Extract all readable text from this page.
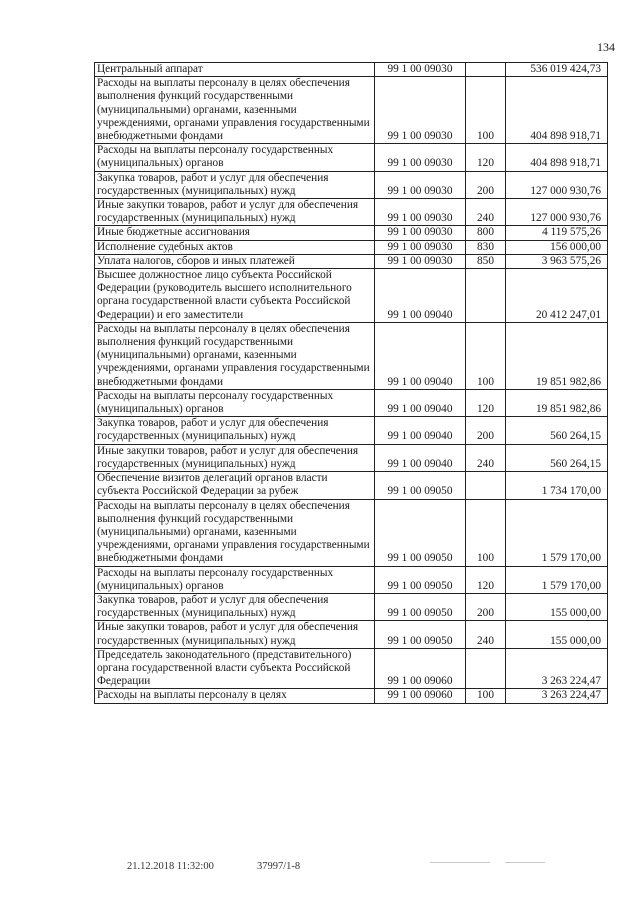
134
Центральный аппарат	99 1 00 09030		536 019 424,73
Расходы на выплаты персоналу в целях обеспечения выполнения функций государственными (муниципальными) органами, казенными учреждениями, органами управления государственными внебюджетными фондами	99 1 00 09030	100	404 898 918,71
Расходы на выплаты персоналу государственных (муниципальных) органов	99 1 00 09030	120	404 898 918,71
Закупка товаров, работ и услуг для обеспечения государственных (муниципальных) нужд	99 1 00 09030	200	127 000 930,76
Иные закупки товаров, работ и услуг для обеспечения государственных (муниципальных) нужд	99 1 00 09030	240	127 000 930,76
Иные бюджетные ассигнования	99 1 00 09030	800	4 119 575,26
Исполнение судебных актов	99 1 00 09030	830	156 000,00
Уплата налогов, сборов и иных платежей	99 1 00 09030	850	3 963 575,26
Высшее должностное лицо субъекта Российской Федерации (руководитель высшего исполнительного органа государственной власти субъекта Российской Федерации) и его заместители	99 1 00 09040		20 412 247,01
Расходы на выплаты персоналу в целях обеспечения выполнения функций государственными (муниципальными) органами, казенными учреждениями, органами управления государственными внебюджетными фондами	99 1 00 09040	100	19 851 982,86
Расходы на выплаты персоналу государственных (муниципальных) органов	99 1 00 09040	120	19 851 982,86
Закупка товаров, работ и услуг для обеспечения государственных (муниципальных) нужд	99 1 00 09040	200	560 264,15
Иные закупки товаров, работ и услуг для обеспечения государственных (муниципальных) нужд	99 1 00 09040	240	560 264,15
Обеспечение визитов делегаций органов власти субъекта Российской Федерации за рубеж	99 1 00 09050		1 734 170,00
Расходы на выплаты персоналу в целях обеспечения выполнения функций государственными (муниципальными) органами, казенными учреждениями, органами управления государственными внебюджетными фондами	99 1 00 09050	100	1 579 170,00
Расходы на выплаты персоналу государственных (муниципальных) органов	99 1 00 09050	120	1 579 170,00
Закупка товаров, работ и услуг для обеспечения государственных (муниципальных) нужд	99 1 00 09050	200	155 000,00
Иные закупки товаров, работ и услуг для обеспечения государственных (муниципальных) нужд	99 1 00 09050	240	155 000,00
Председатель законодательного (представительного) органа государственной власти субъекта Российской Федерации	99 1 00 09060		3 263 224,47
Расходы на выплаты персоналу в целях	99 1 00 09060	100	3 263 224,47
21.12.2018 11:32:00	37997/1-8
